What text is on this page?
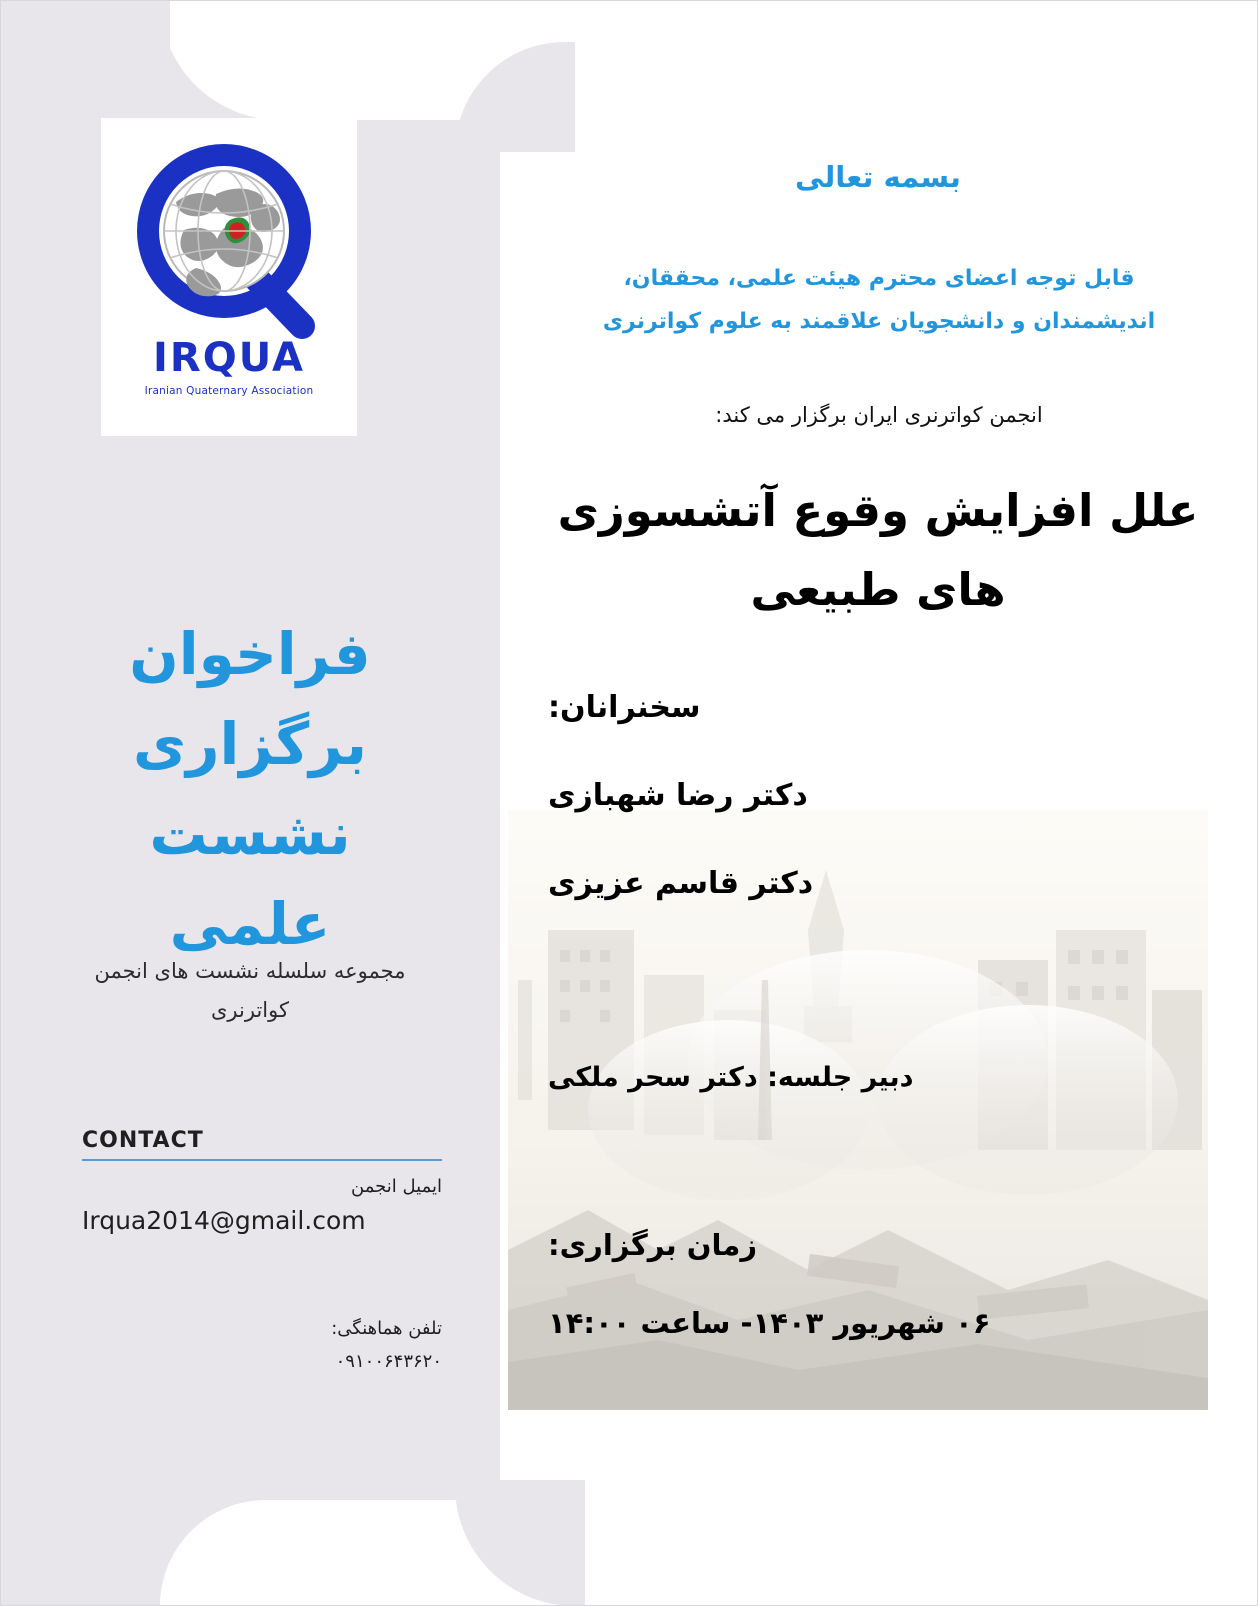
IRQUA
Iranian Quaternary Association
فراخوان
برگزاری
نشست علمی
مجموعه سلسله نشست های انجمن کواترنری
CONTACT
ایمیل انجمن
Irqua2014@gmail.com
تلفن هماهنگی:
۰۹۱۰۰۶۴۳۶۲۰
بسمه تعالی
قابل توجه اعضای محترم هیئت علمی، محققان،
اندیشمندان و دانشجویان علاقمند به علوم کواترنری
انجمن کواترنری ایران برگزار می کند:
علل افزایش وقوع آتشسوزی های طبیعی
سخنرانان:
دکتر رضا شهبازی
دکتر قاسم عزیزی
دبیر جلسه: دکتر سحر ملکی
زمان برگزاری:
۰۶ شهریور ۱۴۰۳- ساعت ۱۴:۰۰
